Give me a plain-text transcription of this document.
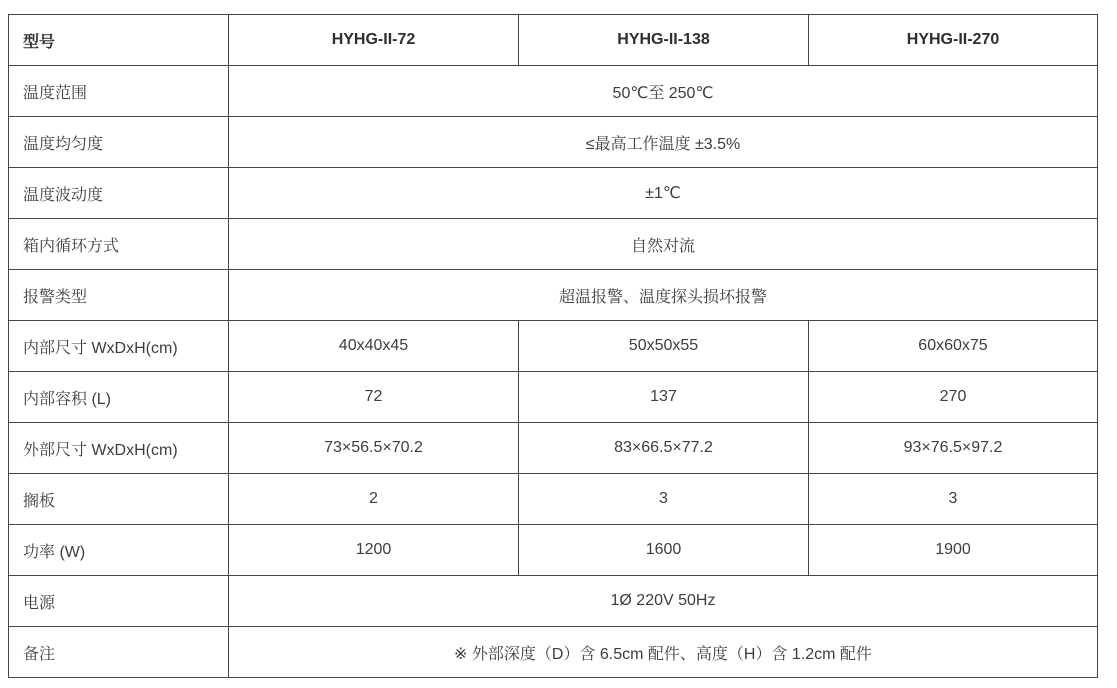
型号	HYHG-II-72	HYHG-II-138	HYHG-II-270
温度范围	50℃至 250℃		
温度均匀度	≤最高工作温度 ±3.5%		
温度波动度	±1℃		
箱内循环方式	自然对流		
报警类型	超温报警、温度探头损坏报警		
内部尺寸 WxDxH(cm)	40x40x45	50x50x55	60x60x75
内部容积 (L)	72	137	270
外部尺寸 WxDxH(cm)	73×56.5×70.2	83×66.5×77.2	93×76.5×97.2
搁板	2	3	3
功率 (W)	1200	1600	1900
电源	1Ø 220V 50Hz		
备注	※ 外部深度（D）含 6.5cm 配件、高度（H）含 1.2cm 配件		
